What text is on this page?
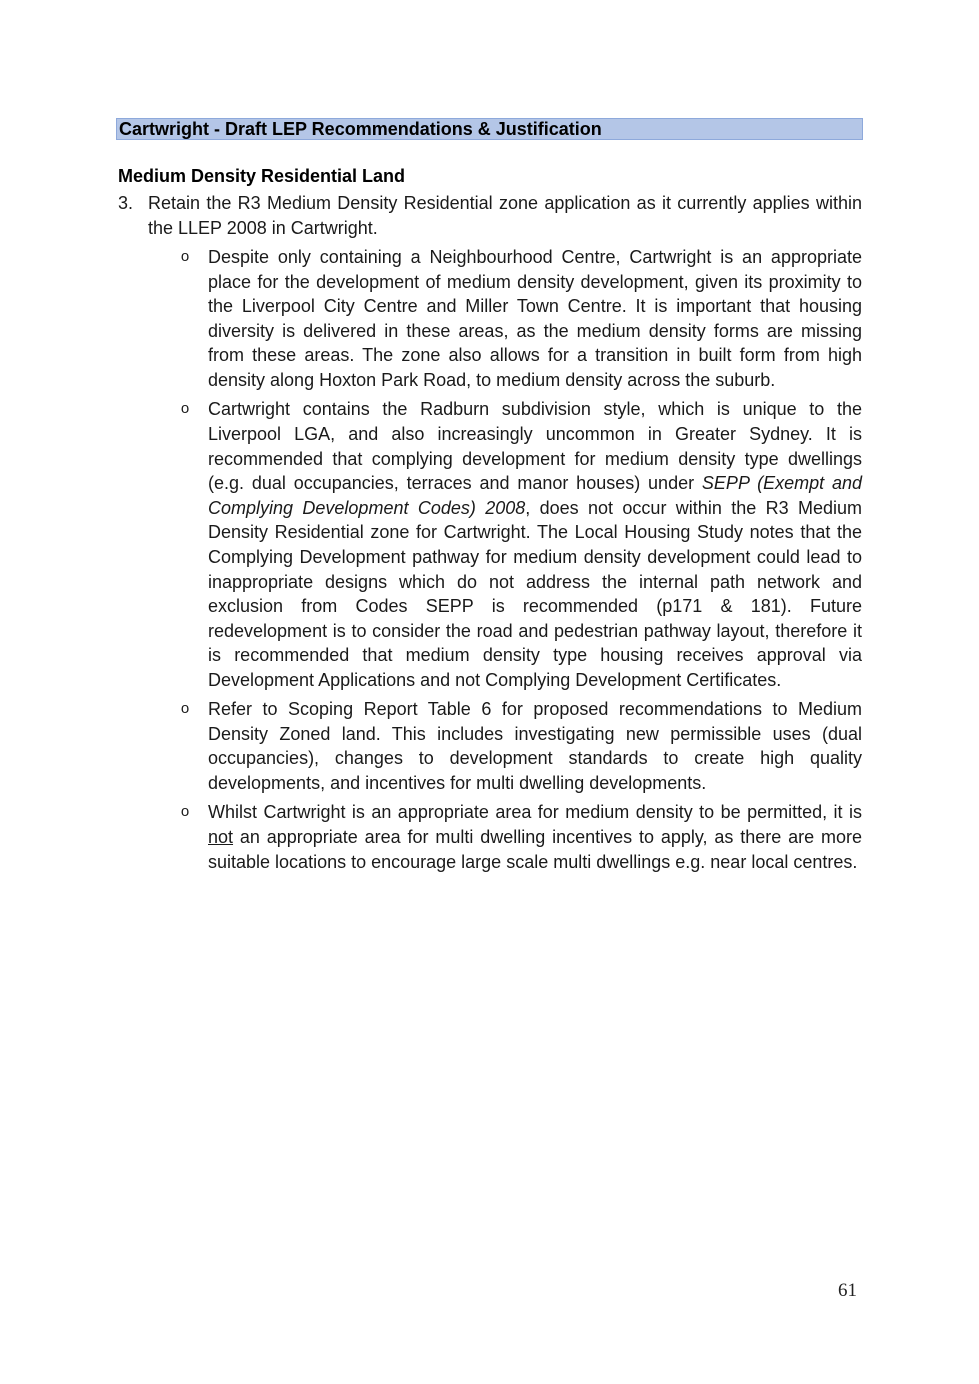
Cartwright - Draft LEP Recommendations & Justification
Medium Density Residential Land
3. Retain the R3 Medium Density Residential zone application as it currently applies within the LLEP 2008 in Cartwright.
o Despite only containing a Neighbourhood Centre, Cartwright is an appropriate place for the development of medium density development, given its proximity to the Liverpool City Centre and Miller Town Centre. It is important that housing diversity is delivered in these areas, as the medium density forms are missing from these areas. The zone also allows for a transition in built form from high density along Hoxton Park Road, to medium density across the suburb.
o Cartwright contains the Radburn subdivision style, which is unique to the Liverpool LGA, and also increasingly uncommon in Greater Sydney. It is recommended that complying development for medium density type dwellings (e.g. dual occupancies, terraces and manor houses) under SEPP (Exempt and Complying Development Codes) 2008, does not occur within the R3 Medium Density Residential zone for Cartwright. The Local Housing Study notes that the Complying Development pathway for medium density development could lead to inappropriate designs which do not address the internal path network and exclusion from Codes SEPP is recommended (p171 & 181). Future redevelopment is to consider the road and pedestrian pathway layout, therefore it is recommended that medium density type housing receives approval via Development Applications and not Complying Development Certificates.
o Refer to Scoping Report Table 6 for proposed recommendations to Medium Density Zoned land. This includes investigating new permissible uses (dual occupancies), changes to development standards to create high quality developments, and incentives for multi dwelling developments.
o Whilst Cartwright is an appropriate area for medium density to be permitted, it is not an appropriate area for multi dwelling incentives to apply, as there are more suitable locations to encourage large scale multi dwellings e.g. near local centres.
61
